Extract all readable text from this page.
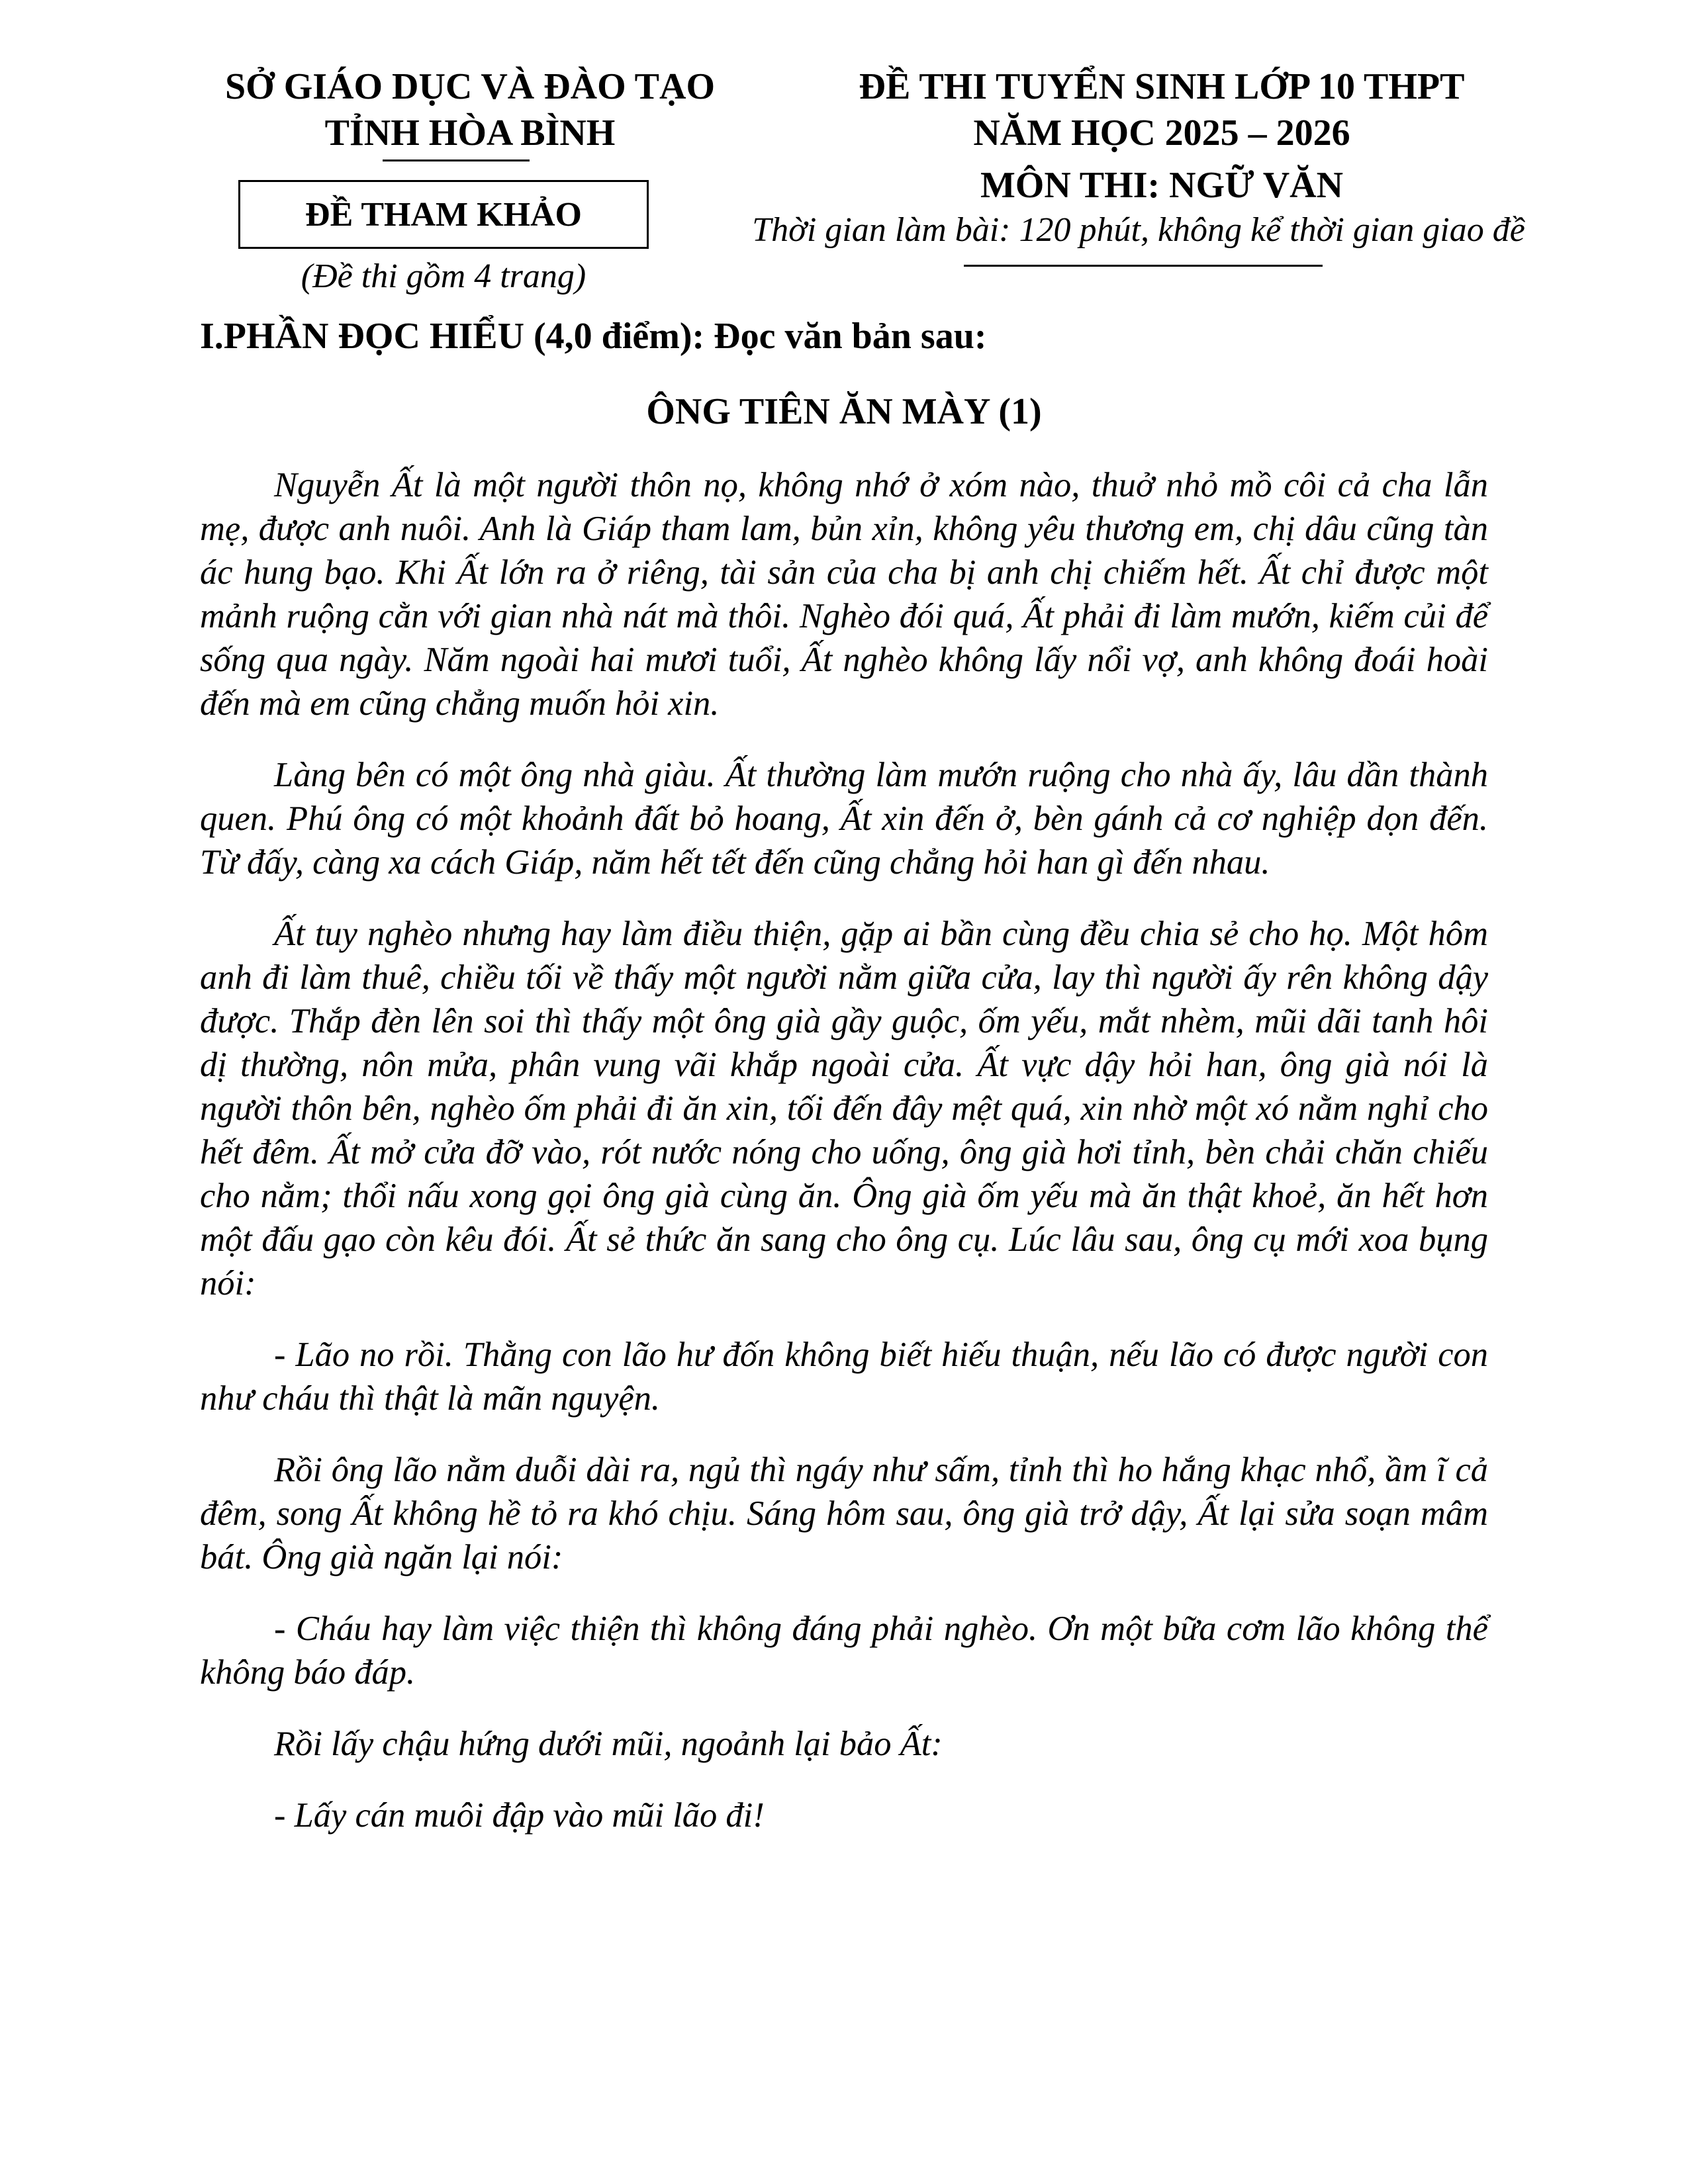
SỞ GIÁO DỤC VÀ ĐÀO TẠO
TỈNH HÒA BÌNH
ĐỀ THI TUYỂN SINH LỚP 10 THPT
NĂM HỌC 2025 – 2026
ĐỀ THAM KHẢO
(Đề thi gồm 4 trang)
MÔN THI: NGỮ VĂN
Thời gian làm bài: 120 phút, không kể thời gian giao đề
I.PHẦN ĐỌC HIỂU (4,0 điểm): Đọc văn bản sau:
ÔNG TIÊN ĂN MÀY (1)

Nguyễn Ất là một người thôn nọ, không nhớ ở xóm nào, thuở nhỏ mồ côi cả cha lẫn mẹ, được anh nuôi. Anh là Giáp tham lam, bủn xỉn, không yêu thương em, chị dâu cũng tàn ác hung bạo. Khi Ất lớn ra ở riêng, tài sản của cha bị anh chị chiếm hết. Ất chỉ được một mảnh ruộng cằn với gian nhà nát mà thôi. Nghèo đói quá, Ất phải đi làm mướn, kiếm củi để sống qua ngày. Năm ngoài hai mươi tuổi, Ất nghèo không lấy nổi vợ, anh không đoái hoài đến mà em cũng chẳng muốn hỏi xin.

Làng bên có một ông nhà giàu. Ất thường làm mướn ruộng cho nhà ấy, lâu dần thành quen. Phú ông có một khoảnh đất bỏ hoang, Ất xin đến ở, bèn gánh cả cơ nghiệp dọn đến. Từ đấy, càng xa cách Giáp, năm hết tết đến cũng chẳng hỏi han gì đến nhau.

Ất tuy nghèo nhưng hay làm điều thiện, gặp ai bần cùng đều chia sẻ cho họ. Một hôm anh đi làm thuê, chiều tối về thấy một người nằm giữa cửa, lay thì người ấy rên không dậy được. Thắp đèn lên soi thì thấy một ông già gầy guộc, ốm yếu, mắt nhèm, mũi dãi tanh hôi dị thường, nôn mửa, phân vung vãi khắp ngoài cửa. Ất vực dậy hỏi han, ông già nói là người thôn bên, nghèo ốm phải đi ăn xin, tối đến đây mệt quá, xin nhờ một xó nằm nghỉ cho hết đêm. Ất mở cửa đỡ vào, rót nước nóng cho uống, ông già hơi tỉnh, bèn chải chăn chiếu cho nằm; thổi nấu xong gọi ông già cùng ăn. Ông già ốm yếu mà ăn thật khoẻ, ăn hết hơn một đấu gạo còn kêu đói. Ất sẻ thức ăn sang cho ông cụ. Lúc lâu sau, ông cụ mới xoa bụng nói:

- Lão no rồi. Thằng con lão hư đốn không biết hiếu thuận, nếu lão có được người con như cháu thì thật là mãn nguyện.

Rồi ông lão nằm duỗi dài ra, ngủ thì ngáy như sấm, tỉnh thì ho hắng khạc nhổ, ầm ĩ cả đêm, song Ất không hề tỏ ra khó chịu. Sáng hôm sau, ông già trở dậy, Ất lại sửa soạn mâm bát. Ông già ngăn lại nói:

- Cháu hay làm việc thiện thì không đáng phải nghèo. Ơn một bữa cơm lão không thể không báo đáp.

Rồi lấy chậu hứng dưới mũi, ngoảnh lại bảo Ất:

- Lấy cán muôi đập vào mũi lão đi!
